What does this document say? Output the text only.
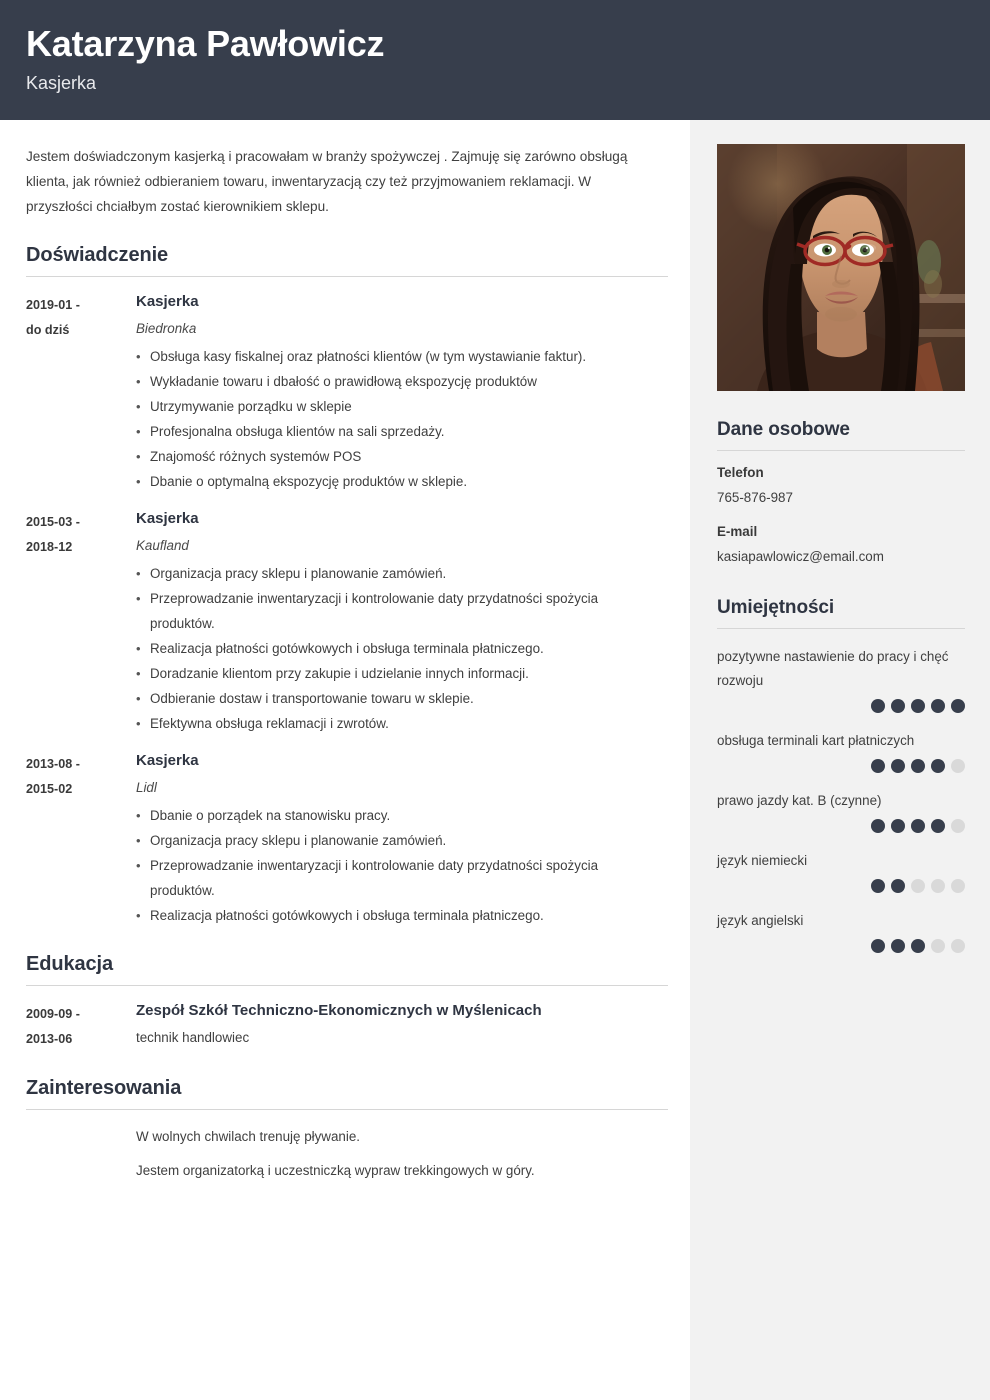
Katarzyna Pawłowicz
Kasjerka
Jestem doświadczonym kasjerką i pracowałam w branży spożywczej . Zajmuję się zarówno obsługą klienta, jak również odbieraniem towaru, inwentaryzacją czy też przyjmowaniem reklamacji. W przyszłości chciałbym zostać kierownikiem sklepu.
Doświadczenie
2019-01 -
do dziś
Kasjerka
Biedronka
• Obsługa kasy fiskalnej oraz płatności klientów (w tym wystawianie faktur).
• Wykładanie towaru i dbałość o prawidłową ekspozycję produktów
• Utrzymywanie porządku w sklepie
• Profesjonalna obsługa klientów na sali sprzedaży.
• Znajomość różnych systemów POS
• Dbanie o optymalną ekspozycję produktów w sklepie.
2015-03 -
2018-12
Kasjerka
Kaufland
• Organizacja pracy sklepu i planowanie zamówień.
• Przeprowadzanie inwentaryzacji i kontrolowanie daty przydatności spożycia produktów.
• Realizacja płatności gotówkowych i obsługa terminala płatniczego.
• Doradzanie klientom przy zakupie i udzielanie innych informacji.
• Odbieranie dostaw i transportowanie towaru w sklepie.
• Efektywna obsługa reklamacji i zwrotów.
2013-08 -
2015-02
Kasjerka
Lidl
• Dbanie o porządek na stanowisku pracy.
• Organizacja pracy sklepu i planowanie zamówień.
• Przeprowadzanie inwentaryzacji i kontrolowanie daty przydatności spożycia produktów.
• Realizacja płatności gotówkowych i obsługa terminala płatniczego.
Edukacja
2009-09 -
2013-06
Zespół Szkół Techniczno-Ekonomicznych w Myślenicach
technik handlowiec
Zainteresowania
W wolnych chwilach trenuję pływanie.
Jestem organizatorką i uczestniczką wypraw trekkingowych w góry.
Dane osobowe
Telefon
765-876-987
E-mail
kasiapawlowicz@email.com
Umiejętności
pozytywne nastawienie do pracy i chęć rozwoju
obsługa terminali kart płatniczych
prawo jazdy kat. B (czynne)
język niemiecki
język angielski
